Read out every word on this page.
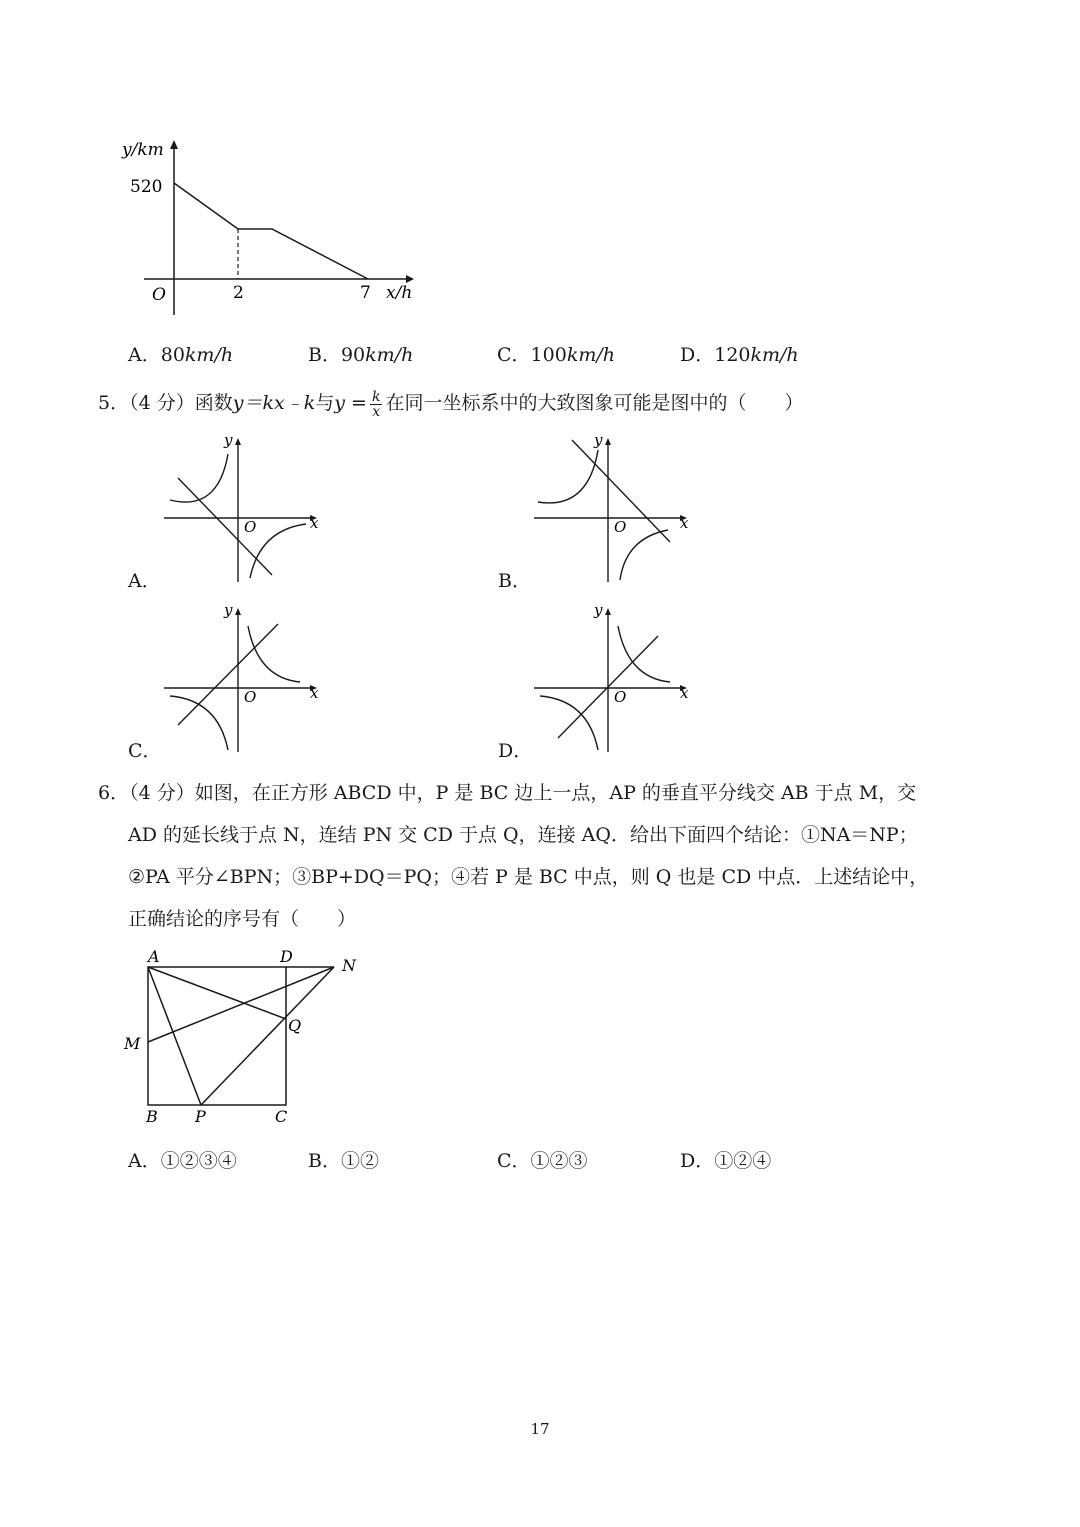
y/km
520
O	2	7 x/h
A．80km/h	B．90km/h	C．100km/h	D．120km/h
5．（4 分）函数y＝kx﹣k与$y = \frac{k}{x}$ 在同一坐标系中的大致图象可能是图中的（　　）
y
x
O
A．
y
x
O
B．
y
x
O
C．
y
x
O
D．
6．（4 分）如图，在正方形 ABCD 中，P 是 BC 边上一点，AP 的垂直平分线交 AB 于点 M，交
AD 的延长线于点 N，连结 PN 交 CD 于点 Q，连接 AQ．给出下面四个结论：①NA＝NP；
②PA 平分∠BPN；③BP+DQ＝PQ；④若 P 是 BC 中点，则 Q 也是 CD 中点．上述结论中，
正确结论的序号有（　　）
A	D	N
M
Q
B P	C
A．①②③④	B．①②	C．①②③	D．①②④
17
